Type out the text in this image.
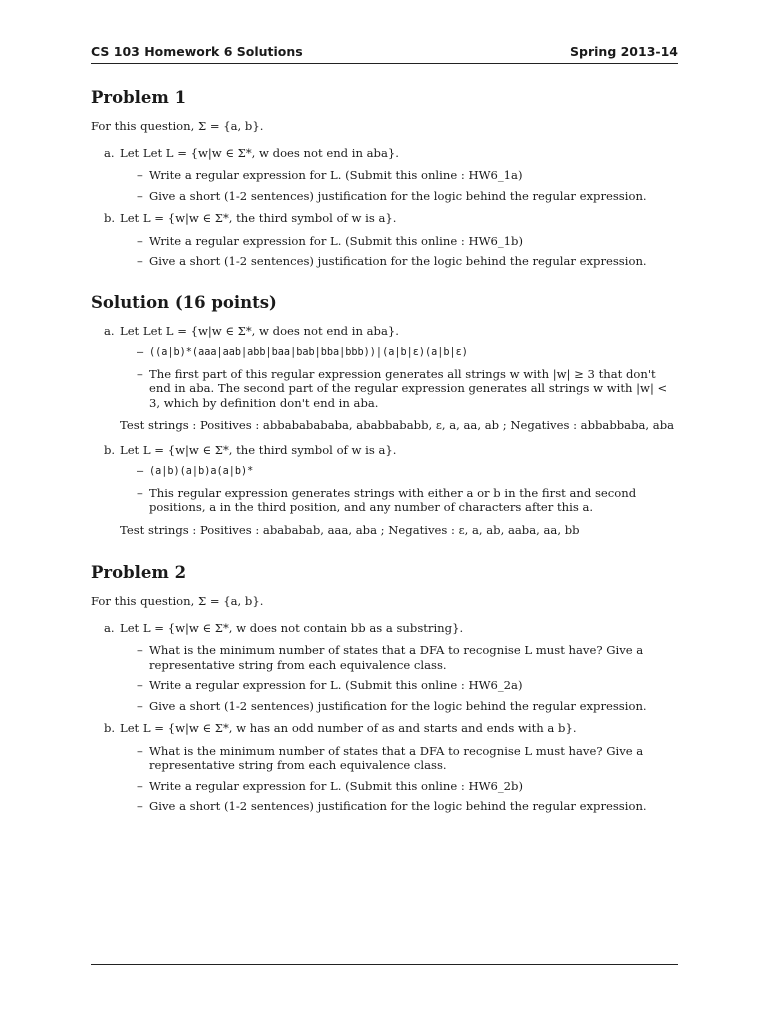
CS 103 Homework 6 Solutions	Spring 2013-14
Problem 1

For this question, Σ = {a, b}.

a. Let Let L = {w|w ∈ Σ*, w does not end in aba}.

– Write a regular expression for L. (Submit this online : HW6_1a)
– Give a short (1-2 sentences) justification for the logic behind the regular expression.
b. Let L = {w|w ∈ Σ*, the third symbol of w is a}.

– Write a regular expression for L. (Submit this online : HW6_1b)
– Give a short (1-2 sentences) justification for the logic behind the regular expression.
Solution (16 points)
a. Let Let L = {w|w ∈ Σ*, w does not end in aba}.

– ((a|b)*(aaa|aab|abb|baa|bab|bba|bbb))|(a|b|ε)(a|b|ε)
– The first part of this regular expression generates all strings w with |w| ≥ 3 that don't end in aba. The second part of the regular expression generates all strings w with |w| < 3, which by definition don't end in aba.

Test strings : Positives : abbababababa, ababbababb, ε, a, aa, ab ; Negatives : abbabbaba, aba

b. Let L = {w|w ∈ Σ*, the third symbol of w is a}.

– (a|b)(a|b)a(a|b)*
– This regular expression generates strings with either a or b in the first and second positions, a in the third position, and any number of characters after this a.

Test strings : Positives : abababab, aaa, aba ; Negatives : ε, a, ab, aaba, aa, bb

Problem 2

For this question, Σ = {a, b}.

a. Let L = {w|w ∈ Σ*, w does not contain bb as a substring}.

– What is the minimum number of states that a DFA to recognise L must have? Give a representative string from each equivalence class.
– Write a regular expression for L. (Submit this online : HW6_2a)
– Give a short (1-2 sentences) justification for the logic behind the regular expression.
b. Let L = {w|w ∈ Σ*, w has an odd number of as and starts and ends with a b}.

– What is the minimum number of states that a DFA to recognise L must have? Give a representative string from each equivalence class.
– Write a regular expression for L. (Submit this online : HW6_2b)
– Give a short (1-2 sentences) justification for the logic behind the regular expression.
